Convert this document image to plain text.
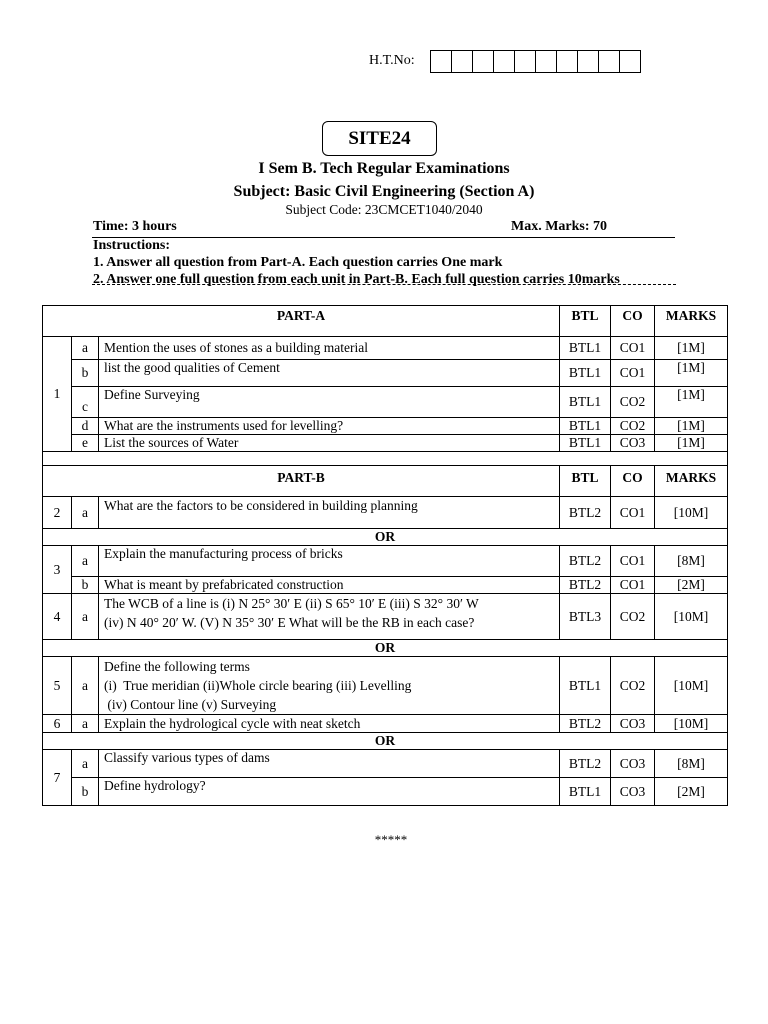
H.T.No:
SITE24
I Sem B. Tech Regular Examinations
Subject: Basic Civil Engineering (Section A)
Subject Code: 23CMCET1040/2040
Time: 3 hours	Max. Marks: 70
Instructions:
1. Answer all question from Part-A. Each question carries One mark
2. Answer one full question from each unit in Part-B. Each full question carries 10marks
PART-A			BTL	CO	MARKS
1	a	Mention the uses of stones as a building material	BTL1	CO1	[1M]
	b	list the good qualities of Cement	BTL1	CO1	[1M]
	c	Define Surveying	BTL1	CO2	[1M]
	d	What are the instruments used for levelling?	BTL1	CO2	[1M]
	e	List the sources of Water	BTL1	CO3	[1M]

PART-B			BTL	CO	MARKS
2	a	What are the factors to be considered in building planning	BTL2	CO1	[10M]
OR					
3	a	Explain the manufacturing process of bricks	BTL2	CO1	[8M]
	b	What is meant by prefabricated construction	BTL2	CO1	[2M]
4	a	The WCB of a line is (i) N 25° 30′ E (ii) S 65° 10′ E (iii) S 32° 30′ W
(iv) N 40° 20′ W. (V) N 35° 30′ E What will be the RB in each case?	BTL3	CO2	[10M]
OR					
5	a	Define the following terms
(i)  True meridian (ii)Whole circle bearing (iii) Levelling
(iv) Contour line (v) Surveying	BTL1	CO2	[10M]
6	a	Explain the hydrological cycle with neat sketch	BTL2	CO3	[10M]
OR					
7	a	Classify various types of dams	BTL2	CO3	[8M]
	b	Define hydrology?	BTL1	CO3	[2M]
*****
